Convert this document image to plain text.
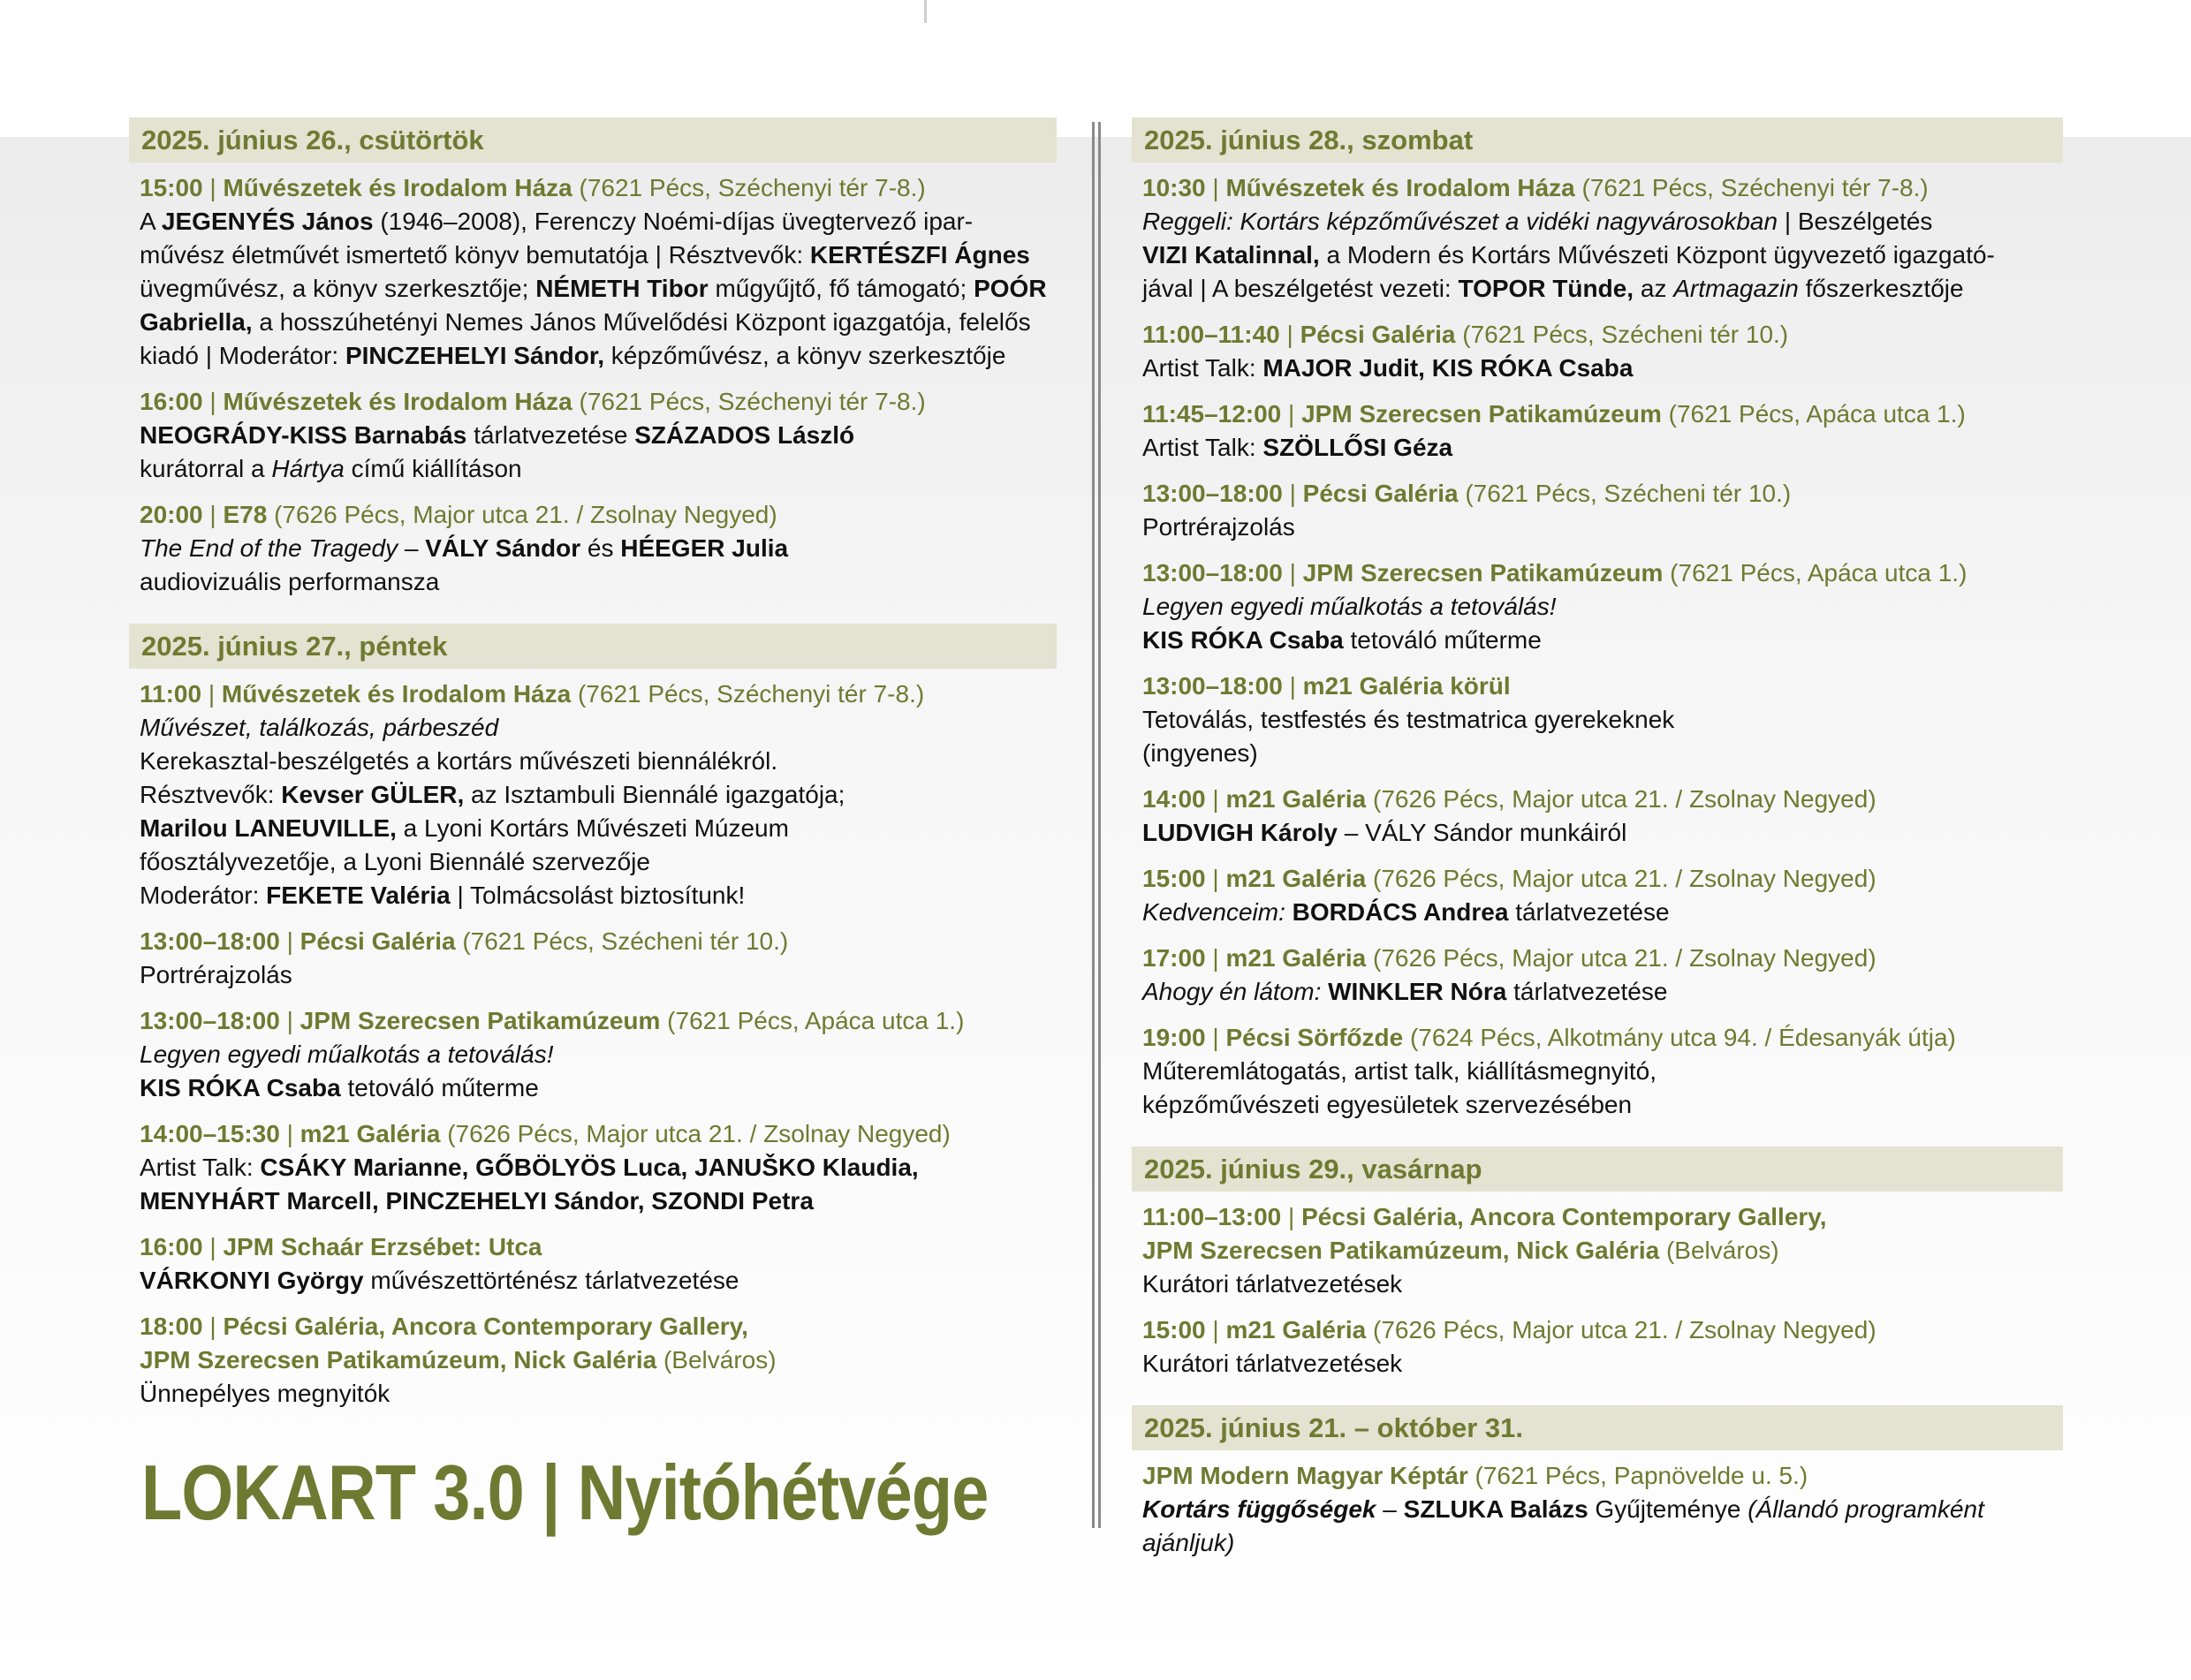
2025. június 26., csütörtök
15:00 | Művészetek és Irodalom Háza (7621 Pécs, Széchenyi tér 7-8.)
A JEGENYÉS János (1946–2008), Ferenczy Noémi-díjas üvegtervező ipar-
művész életművét ismertető könyv bemutatója | Résztvevők: KERTÉSZFI Ágnes
üvegművész, a könyv szerkesztője; NÉMETH Tibor műgyűjtő, fő támogató; POÓR
Gabriella, a hosszúhetényi Nemes János Művelődési Központ igazgatója, felelős
kiadó | Moderátor: PINCZEHELYI Sándor, képzőművész, a könyv szerkesztője
16:00 | Művészetek és Irodalom Háza (7621 Pécs, Széchenyi tér 7-8.)
NEOGRÁDY-KISS Barnabás tárlatvezetése SZÁZADOS László
kurátorral a Hártya című kiállításon
20:00 | E78 (7626 Pécs, Major utca 21. / Zsolnay Negyed)
The End of the Tragedy – VÁLY Sándor és HÉEGER Julia
audiovizuális performansza
2025. június 27., péntek
11:00 | Művészetek és Irodalom Háza (7621 Pécs, Széchenyi tér 7-8.)
Művészet, találkozás, párbeszéd
Kerekasztal-beszélgetés a kortárs művészeti biennálékról.
Résztvevők: Kevser GÜLER, az Isztambuli Biennálé igazgatója;
Marilou LANEUVILLE, a Lyoni Kortárs Művészeti Múzeum
főosztályvezetője, a Lyoni Biennálé szervezője
Moderátor: FEKETE Valéria | Tolmácsolást biztosítunk!
13:00–18:00 | Pécsi Galéria (7621 Pécs, Szécheni tér 10.)
Portrérajzolás
13:00–18:00 | JPM Szerecsen Patikamúzeum (7621 Pécs, Apáca utca 1.)
Legyen egyedi műalkotás a tetoválás!
KIS RÓKA Csaba tetováló műterme
14:00–15:30 | m21 Galéria (7626 Pécs, Major utca 21. / Zsolnay Negyed)
Artist Talk: CSÁKY Marianne, GŐBÖLYÖS Luca, JANUŠKO Klaudia,
MENYHÁRT Marcell, PINCZEHELYI Sándor, SZONDI Petra
16:00 | JPM Schaár Erzsébet: Utca
VÁRKONYI György művészettörténész tárlatvezetése
18:00 | Pécsi Galéria, Ancora Contemporary Gallery,
JPM Szerecsen Patikamúzeum, Nick Galéria (Belváros)
Ünnepélyes megnyitók
2025. június 28., szombat
10:30 | Művészetek és Irodalom Háza (7621 Pécs, Széchenyi tér 7-8.)
Reggeli: Kortárs képzőművészet a vidéki nagyvárosokban | Beszélgetés
VIZI Katalinnal, a Modern és Kortárs Művészeti Központ ügyvezető igazgató-
jával | A beszélgetést vezeti: TOPOR Tünde, az Artmagazin főszerkesztője
11:00–11:40 | Pécsi Galéria (7621 Pécs, Szécheni tér 10.)
Artist Talk: MAJOR Judit, KIS RÓKA Csaba
11:45–12:00 | JPM Szerecsen Patikamúzeum (7621 Pécs, Apáca utca 1.)
Artist Talk: SZÖLLŐSI Géza
13:00–18:00 | Pécsi Galéria (7621 Pécs, Szécheni tér 10.)
Portrérajzolás
13:00–18:00 | JPM Szerecsen Patikamúzeum (7621 Pécs, Apáca utca 1.)
Legyen egyedi műalkotás a tetoválás!
KIS RÓKA Csaba tetováló műterme
13:00–18:00 | m21 Galéria körül
Tetoválás, testfestés és testmatrica gyerekeknek
(ingyenes)
14:00 | m21 Galéria (7626 Pécs, Major utca 21. / Zsolnay Negyed)
LUDVIGH Károly – VÁLY Sándor munkáiról
15:00 | m21 Galéria (7626 Pécs, Major utca 21. / Zsolnay Negyed)
Kedvenceim: BORDÁCS Andrea tárlatvezetése
17:00 | m21 Galéria (7626 Pécs, Major utca 21. / Zsolnay Negyed)
Ahogy én látom: WINKLER Nóra tárlatvezetése
19:00 | Pécsi Sörfőzde (7624 Pécs, Alkotmány utca 94. / Édesanyák útja)
Műteremlátogatás, artist talk, kiállításmegnyitó,
képzőművészeti egyesületek szervezésében
2025. június 29., vasárnap
11:00–13:00 | Pécsi Galéria, Ancora Contemporary Gallery,
JPM Szerecsen Patikamúzeum, Nick Galéria (Belváros)
Kurátori tárlatvezetések
15:00 | m21 Galéria (7626 Pécs, Major utca 21. / Zsolnay Negyed)
Kurátori tárlatvezetések
2025. június 21. – október 31.
JPM Modern Magyar Képtár (7621 Pécs, Papnövelde u. 5.)
Kortárs függőségek – SZLUKA Balázs Gyűjteménye (Állandó programként
ajánljuk)
LOKART 3.0 | Nyitóhétvége
